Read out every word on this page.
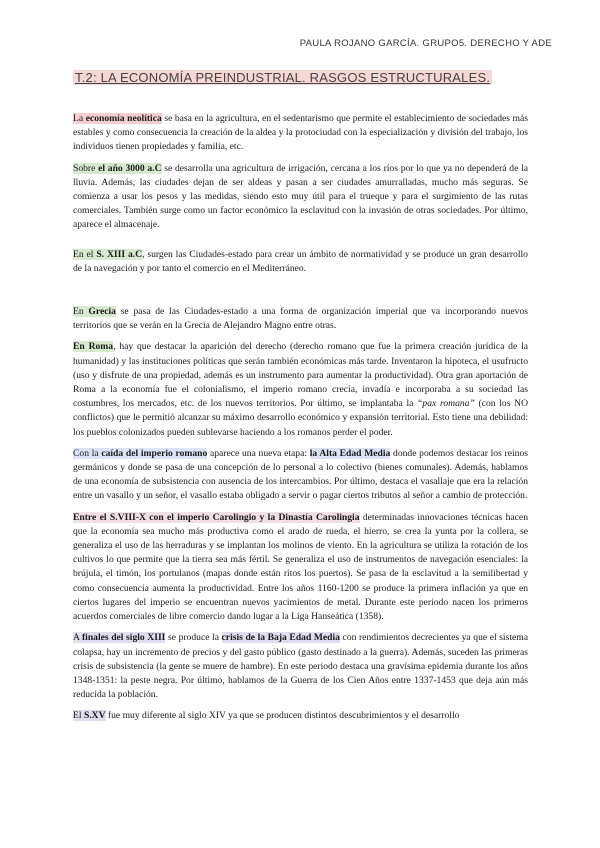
PAULA ROJANO GARCÍA. GRUPO5. DERECHO Y ADE
T.2: LA ECONOMÍA PREINDUSTRIAL. RASGOS ESTRUCTURALES.

La economía neolítica se basa en la agricultura, en el sedentarismo que permite el establecimiento de sociedades más estables y como consecuencia la creación de la aldea y la protociudad con la especialización y división del trabajo, los individuos tienen propiedades y familia, etc.

Sobre el año 3000 a.C se desarrolla una agricultura de irrigación, cercana a los ríos por lo que ya no dependerá de la lluvia. Además, las ciudades dejan de ser aldeas y pasan a ser ciudades amurralladas, mucho más seguras. Se comienza a usar los pesos y las medidas, siendo esto muy útil para el trueque y para el surgimiento de las rutas comerciales. También surge como un factor económico la esclavitud con la invasión de otras sociedades. Por último, aparece el almacenaje.

En el S. XIII a.C, surgen las Ciudades-estado para crear un ámbito de normatividad y se produce un gran desarrollo de la navegación y por tanto el comercio en el Mediterráneo.

En Grecia se pasa de las Ciudades-estado a una forma de organización imperial que va incorporando nuevos territorios que se verán en la Grecia de Alejandro Magno entre otras.

En Roma, hay que destacar la aparición del derecho (derecho romano que fue la primera creación jurídica de la humanidad) y las instituciones políticas que serán también económicas más tarde. Inventaron la hipoteca, el usufructo (uso y disfrute de una propiedad, además es un instrumento para aumentar la productividad). Otra gran aportación de Roma a la economía fue el colonialismo, el imperio romano crecía, invadía e incorporaba a su sociedad las costumbres, los mercados, etc. de los nuevos territorios. Por último, se implantaba la “pax romana” (con los NO conflictos) que le permitió alcanzar su máximo desarrollo económico y expansión territorial. Esto tiene una debilidad: los pueblos colonizados pueden sublevarse haciendo a los romanos perder el poder.

Con la caída del imperio romano aparece una nueva etapa: la Alta Edad Media donde podemos destacar los reinos germánicos y donde se pasa de una concepción de lo personal a lo colectivo (bienes comunales). Además, hablamos de una economía de subsistencia con ausencia de los intercambios. Por último, destaca el vasallaje que era la relación entre un vasallo y un señor, el vasallo estaba obligado a servir o pagar ciertos tributos al señor a cambio de protección.

Entre el S.VIII-X con el imperio Carolingio y la Dinastía Carolingia determinadas innovaciones técnicas hacen que la economía sea mucho más productiva como el arado de rueda, el hierro, se crea la yunta por la collera, se generaliza el uso de las herraduras y se implantan los molinos de viento. En la agricultura se utiliza la rotación de los cultivos lo que permite que la tierra sea más fértil. Se generaliza el uso de instrumentos de navegación esenciales: la brújula, el timón, los portulanos (mapas donde están ritos los puertos). Se pasa de la esclavitud a la semilibertad y como consecuencia aumenta la productividad. Entre los años 1160-1200 se produce la primera inflación ya que en ciertos lugares del imperio se encuentran nuevos yacimientos de metal. Durante este periodo nacen los primeros acuerdos comerciales de libre comercio dando lugar a la Liga Hanseática (1358).

A finales del siglo XIII se produce la crisis de la Baja Edad Media con rendimientos decrecientes ya que el sistema colapsa, hay un incremento de precios y del gasto público (gasto destinado a la guerra). Además, suceden las primeras crisis de subsistencia (la gente se muere de hambre). En este periodo destaca una gravísima epidemia durante los años 1348-1351: la peste negra. Por último, hablamos de la Guerra de los Cien Años entre 1337-1453 que deja aún más reducida la población.

El S.XV fue muy diferente al siglo XIV ya que se producen distintos descubrimientos y el desarrollo
